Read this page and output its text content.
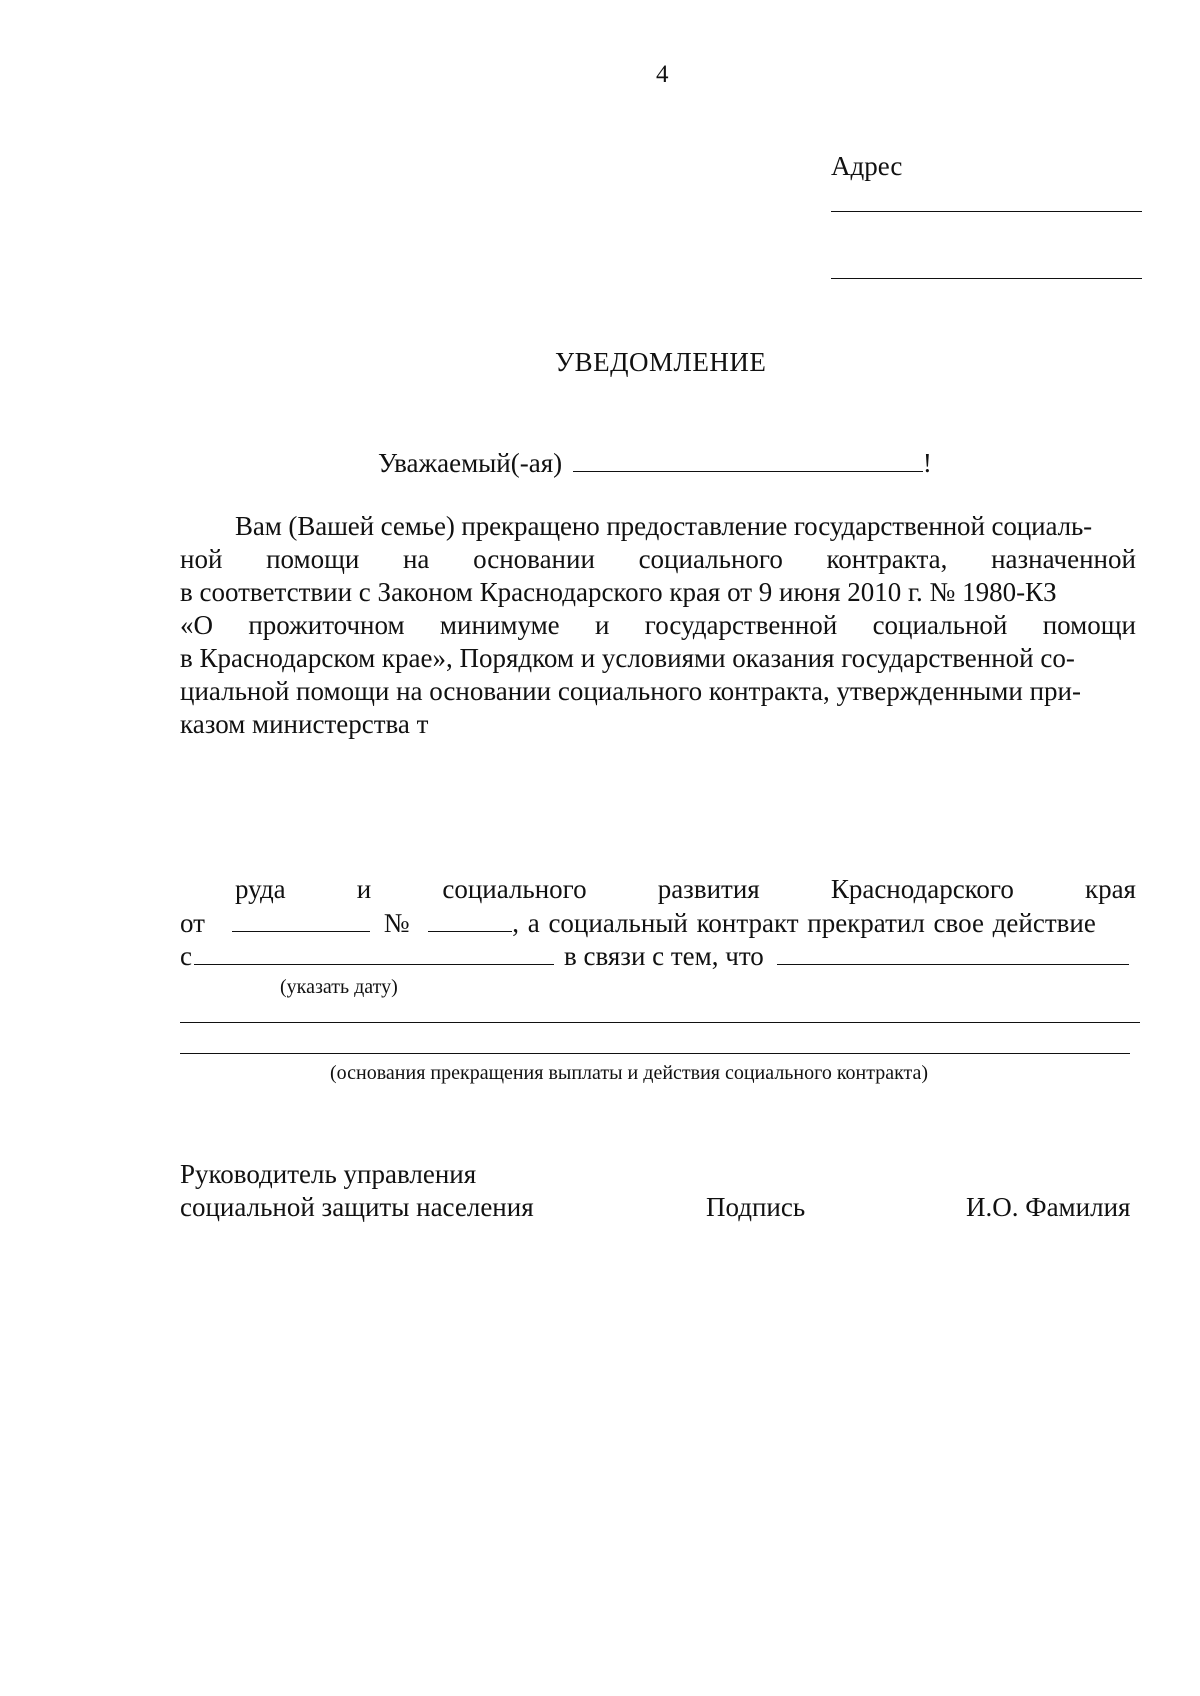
4
Адрес
УВЕДОМЛЕНИЕ
Уважаемый(-ая)	!
Вам (Вашей семье) прекращено предоставление государственной социаль-
ной помощи на основании социального контракта, назначенной
в соответствии с Законом Краснодарского края от 9 июня 2010 г. № 1980-КЗ
«О прожиточном минимуме и государственной социальной помощи
в Краснодарском крае», Порядком и условиями оказания государственной со-
циальной помощи на основании социального контракта, утвержденными при-
казом министерства т
руда	и	социального	развития	Краснодарского	края
от	№	, а социальный контракт прекратил свое действие
с	в связи с тем, что
(указать дату)
(основания прекращения выплаты и действия социального контракта)
Руководитель управления
социальной защиты населения	Подпись	И.О. Фамилия
